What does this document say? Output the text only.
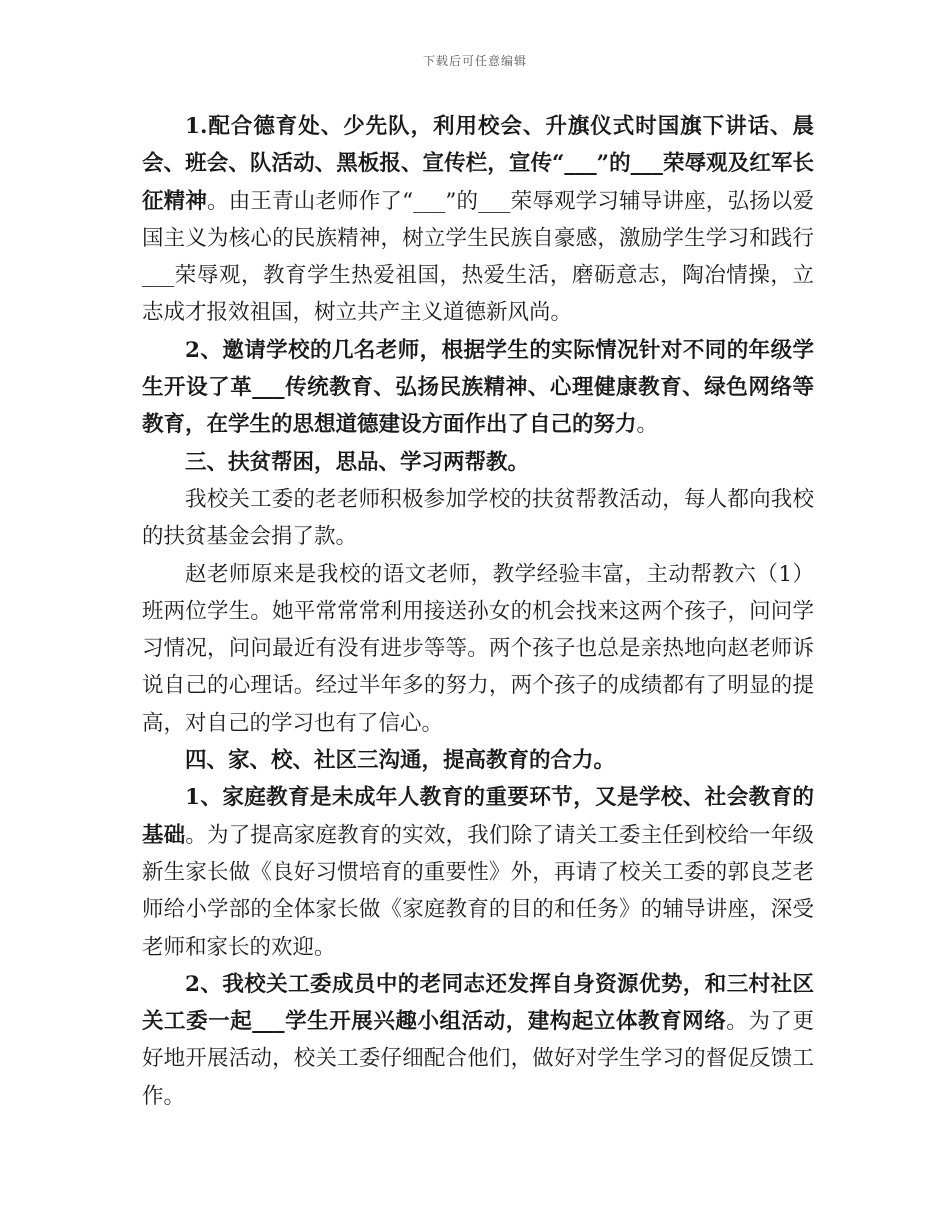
下载后可任意编辑

1.配合德育处、少先队，利用校会、升旗仪式时国旗下讲话、晨会、班会、队活动、黑板报、宣传栏，宣传“___”的___荣辱观及红军长征精神。由王青山老师作了“___”的___荣辱观学习辅导讲座，弘扬以爱国主义为核心的民族精神，树立学生民族自豪感，激励学生学习和践行___荣辱观，教育学生热爱祖国，热爱生活，磨砺意志，陶冶情操，立志成才报效祖国，树立共产主义道德新风尚。

2、邀请学校的几名老师，根据学生的实际情况针对不同的年级学生开设了革___传统教育、弘扬民族精神、心理健康教育、绿色网络等教育，在学生的思想道德建设方面作出了自己的努力。

三、扶贫帮困，思品、学习两帮教。

我校关工委的老老师积极参加学校的扶贫帮教活动，每人都向我校的扶贫基金会捐了款。

赵老师原来是我校的语文老师，教学经验丰富，主动帮教六（1）班两位学生。她平常常常利用接送孙女的机会找来这两个孩子，问问学习情况，问问最近有没有进步等等。两个孩子也总是亲热地向赵老师诉说自己的心理话。经过半年多的努力，两个孩子的成绩都有了明显的提高，对自己的学习也有了信心。

四、家、校、社区三沟通，提高教育的合力。

1、家庭教育是未成年人教育的重要环节，又是学校、社会教育的基础。为了提高家庭教育的实效，我们除了请关工委主任到校给一年级新生家长做《良好习惯培育的重要性》外，再请了校关工委的郭良芝老师给小学部的全体家长做《家庭教育的目的和任务》的辅导讲座，深受老师和家长的欢迎。

2、我校关工委成员中的老同志还发挥自身资源优势，和三村社区关工委一起___学生开展兴趣小组活动，建构起立体教育网络。为了更好地开展活动，校关工委仔细配合他们，做好对学生学习的督促反馈工作。
